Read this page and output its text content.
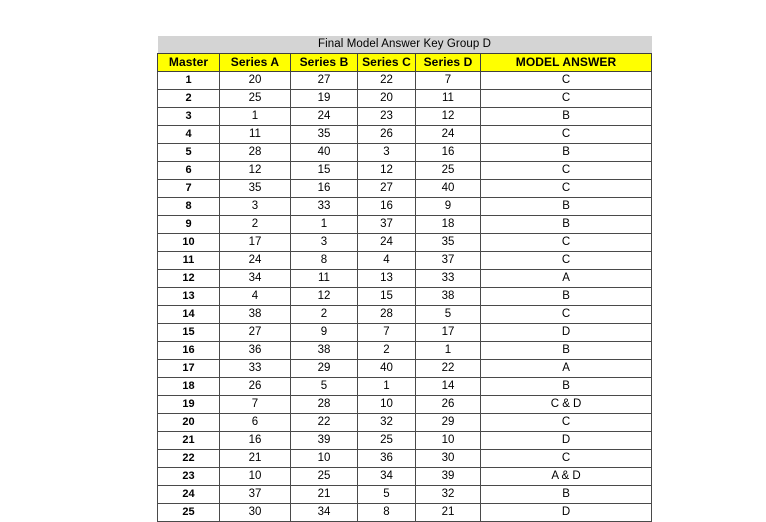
Final Model Answer Key Group D					
Master	Series A	Series B	Series C	Series D	MODEL ANSWER
1	20	27	22	7	C
2	25	19	20	11	C
3	1	24	23	12	B
4	11	35	26	24	C
5	28	40	3	16	B
6	12	15	12	25	C
7	35	16	27	40	C
8	3	33	16	9	B
9	2	1	37	18	B
10	17	3	24	35	C
11	24	8	4	37	C
12	34	11	13	33	A
13	4	12	15	38	B
14	38	2	28	5	C
15	27	9	7	17	D
16	36	38	2	1	B
17	33	29	40	22	A
18	26	5	1	14	B
19	7	28	10	26	C & D
20	6	22	32	29	C
21	16	39	25	10	D
22	21	10	36	30	C
23	10	25	34	39	A & D
24	37	21	5	32	B
25	30	34	8	21	D
